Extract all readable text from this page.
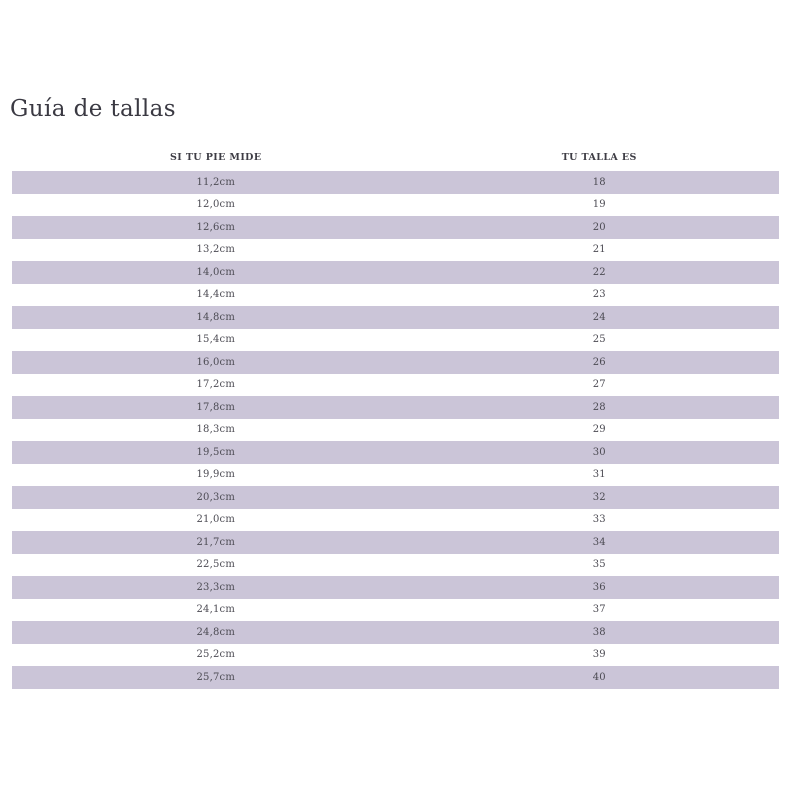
Guía de tallas
SI TU PIE MIDE	TU TALLA ES
11,2cm	18
12,0cm	19
12,6cm	20
13,2cm	21
14,0cm	22
14,4cm	23
14,8cm	24
15,4cm	25
16,0cm	26
17,2cm	27
17,8cm	28
18,3cm	29
19,5cm	30
19,9cm	31
20,3cm	32
21,0cm	33
21,7cm	34
22,5cm	35
23,3cm	36
24,1cm	37
24,8cm	38
25,2cm	39
25,7cm	40
